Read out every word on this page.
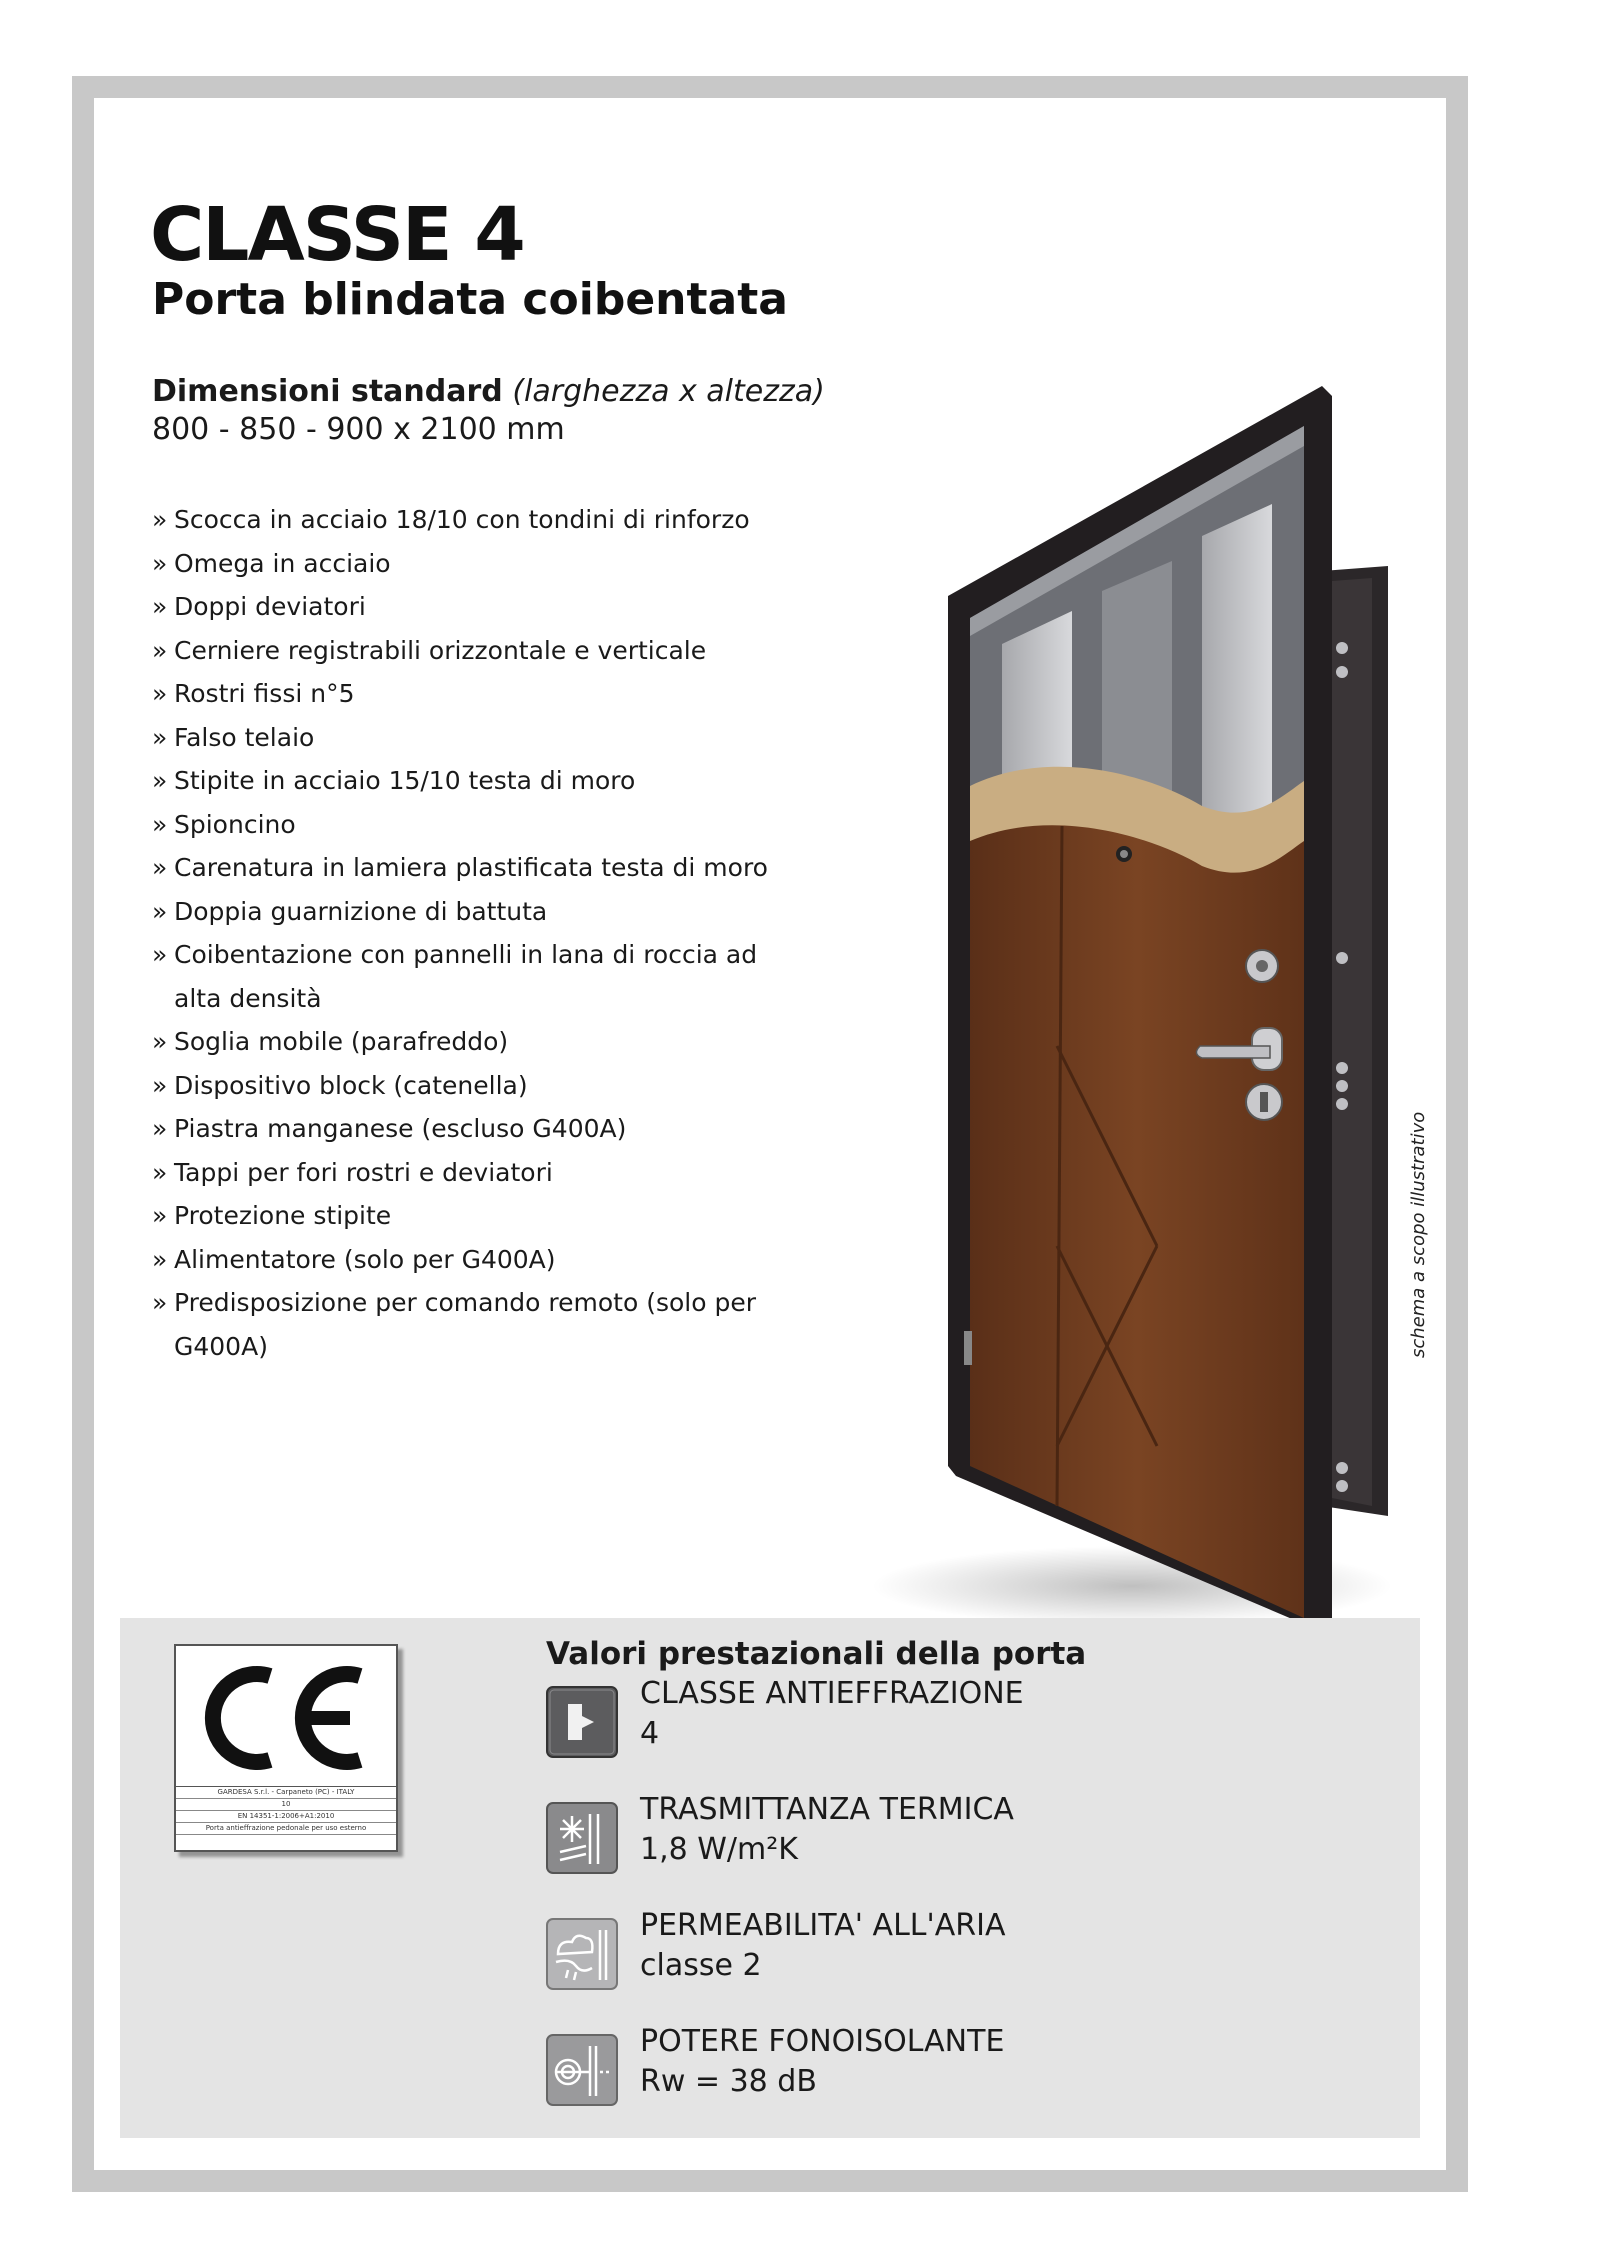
CLASSE 4
Porta blindata coibentata
Dimensioni standard (larghezza x altezza)
800 - 850 - 900 x 2100 mm
» Scocca in acciaio 18/10 con tondini di rinforzo
» Omega in acciaio
» Doppi deviatori
» Cerniere registrabili orizzontale e verticale
» Rostri fissi n°5
» Falso telaio
» Stipite in acciaio 15/10 testa di moro
» Spioncino
» Carenatura in lamiera plastificata testa di moro
» Doppia guarnizione di battuta
» Coibentazione con pannelli in lana di roccia ad alta densità
» Soglia mobile (parafreddo)
» Dispositivo block (catenella)
» Piastra manganese (escluso G400A)
» Tappi per fori rostri e deviatori
» Protezione stipite
» Alimentatore (solo per G400A)
» Predisposizione per comando remoto (solo per G400A)	schema a scopo illustrativo
GARDESA S.r.l. - Carpaneto (PC) - ITALY
10
EN 14351-1:2006+A1:2010
Porta antieffrazione pedonale per uso esterno
Valori prestazionali della porta
CLASSE ANTIEFFRAZIONE
4
TRASMITTANZA TERMICA
1,8 W/m²K
PERMEABILITA' ALL'ARIA
classe 2
POTERE FONOISOLANTE
Rw = 38 dB
